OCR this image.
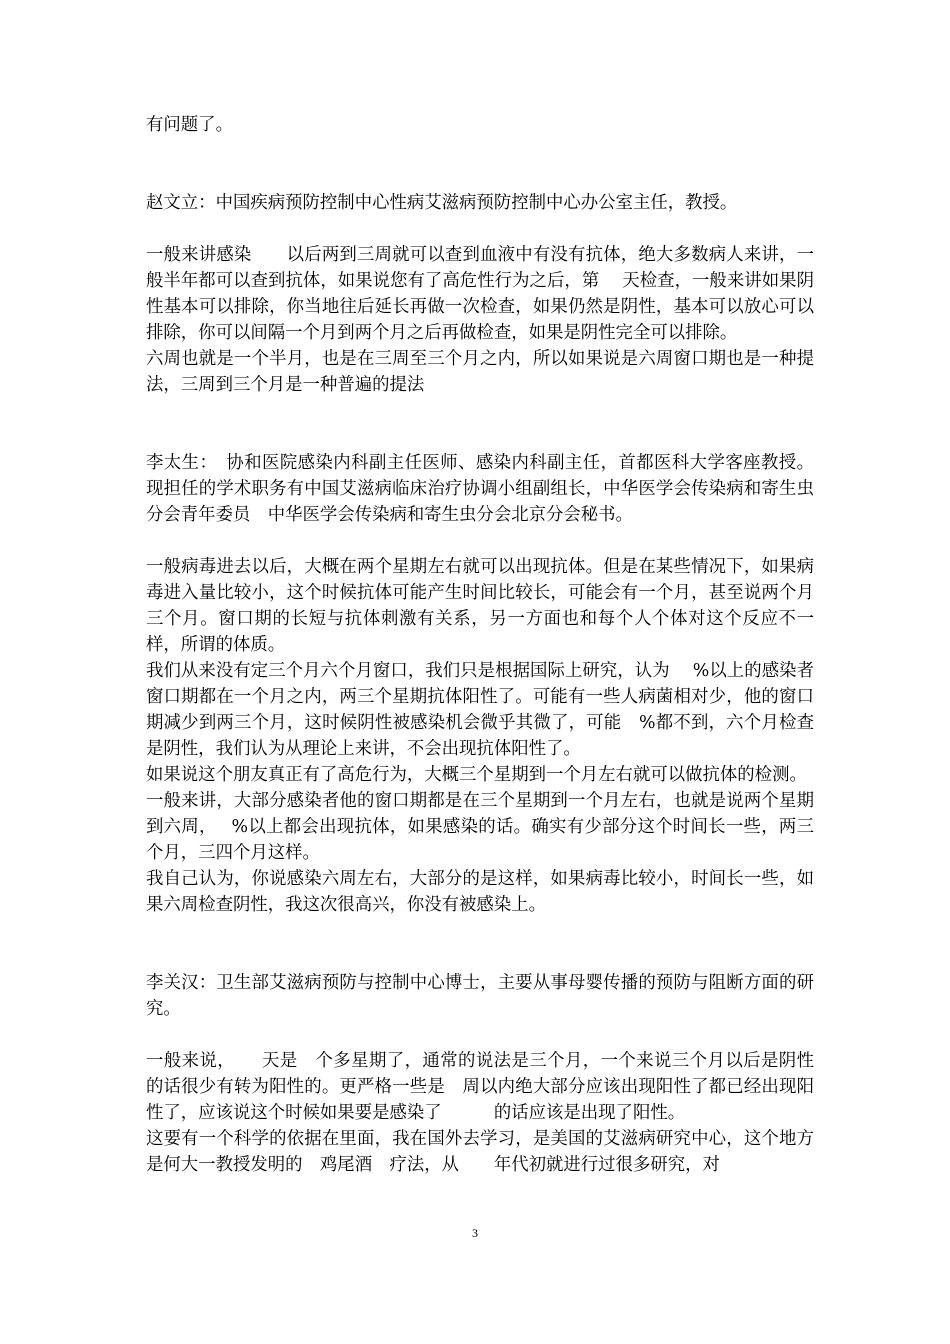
有问题了。

赵文立：中国疾病预防控制中心性病艾滋病预防控制中心办公室主任，教授。

一般来讲感染　　以后两到三周就可以查到血液中有没有抗体，绝大多数病人来讲，一般半年都可以查到抗体，如果说您有了高危性行为之后，第　 天检查，一般来讲如果阴性基本可以排除，你当地往后延长再做一次检查，如果仍然是阴性，基本可以放心可以排除，你可以间隔一个月到两个月之后再做检查，如果是阴性完全可以排除。

六周也就是一个半月，也是在三周至三个月之内，所以如果说是六周窗口期也是一种提法，三周到三个月是一种普遍的提法

李太生：　协和医院感染内科副主任医师、感染内科副主任，首都医科大学客座教授。现担任的学术职务有中国艾滋病临床治疗协调小组副组长，中华医学会传染病和寄生虫分会青年委员　中华医学会传染病和寄生虫分会北京分会秘书。

一般病毒进去以后，大概在两个星期左右就可以出现抗体。但是在某些情况下，如果病毒进入量比较小，这个时候抗体可能产生时间比较长，可能会有一个月，甚至说两个月三个月。窗口期的长短与抗体刺激有关系，另一方面也和每个人个体对这个反应不一样，所谓的体质。

我们从来没有定三个月六个月窗口，我们只是根据国际上研究，认为　 %以上的感染者窗口期都在一个月之内，两三个星期抗体阳性了。可能有一些人病菌相对少，他的窗口期减少到两三个月，这时候阴性被感染机会微乎其微了，可能　%都不到，六个月检查是阴性，我们认为从理论上来讲，不会出现抗体阳性了。

如果说这个朋友真正有了高危行为，大概三个星期到一个月左右就可以做抗体的检测。

一般来讲，大部分感染者他的窗口期都是在三个星期到一个月左右，也就是说两个星期到六周，　 %以上都会出现抗体，如果感染的话。确实有少部分这个时间长一些，两三个月，三四个月这样。

我自己认为，你说感染六周左右，大部分的是这样，如果病毒比较小，时间长一些，如果六周检查阴性，我这次很高兴，你没有被感染上。

李关汉：卫生部艾滋病预防与控制中心博士，主要从事母婴传播的预防与阻断方面的研究。

一般来说，　　天是　个多星期了，通常的说法是三个月，一个来说三个月以后是阴性的话很少有转为阳性的。更严格一些是　周以内绝大部分应该出现阳性了都已经出现阳性了，应该说这个时候如果要是感染了　　　的话应该是出现了阳性。

这要有一个科学的依据在里面，我在国外去学习，是美国的艾滋病研究中心，这个地方是何大一教授发明的　鸡尾酒　疗法，从　　年代初就进行过很多研究，对

3
